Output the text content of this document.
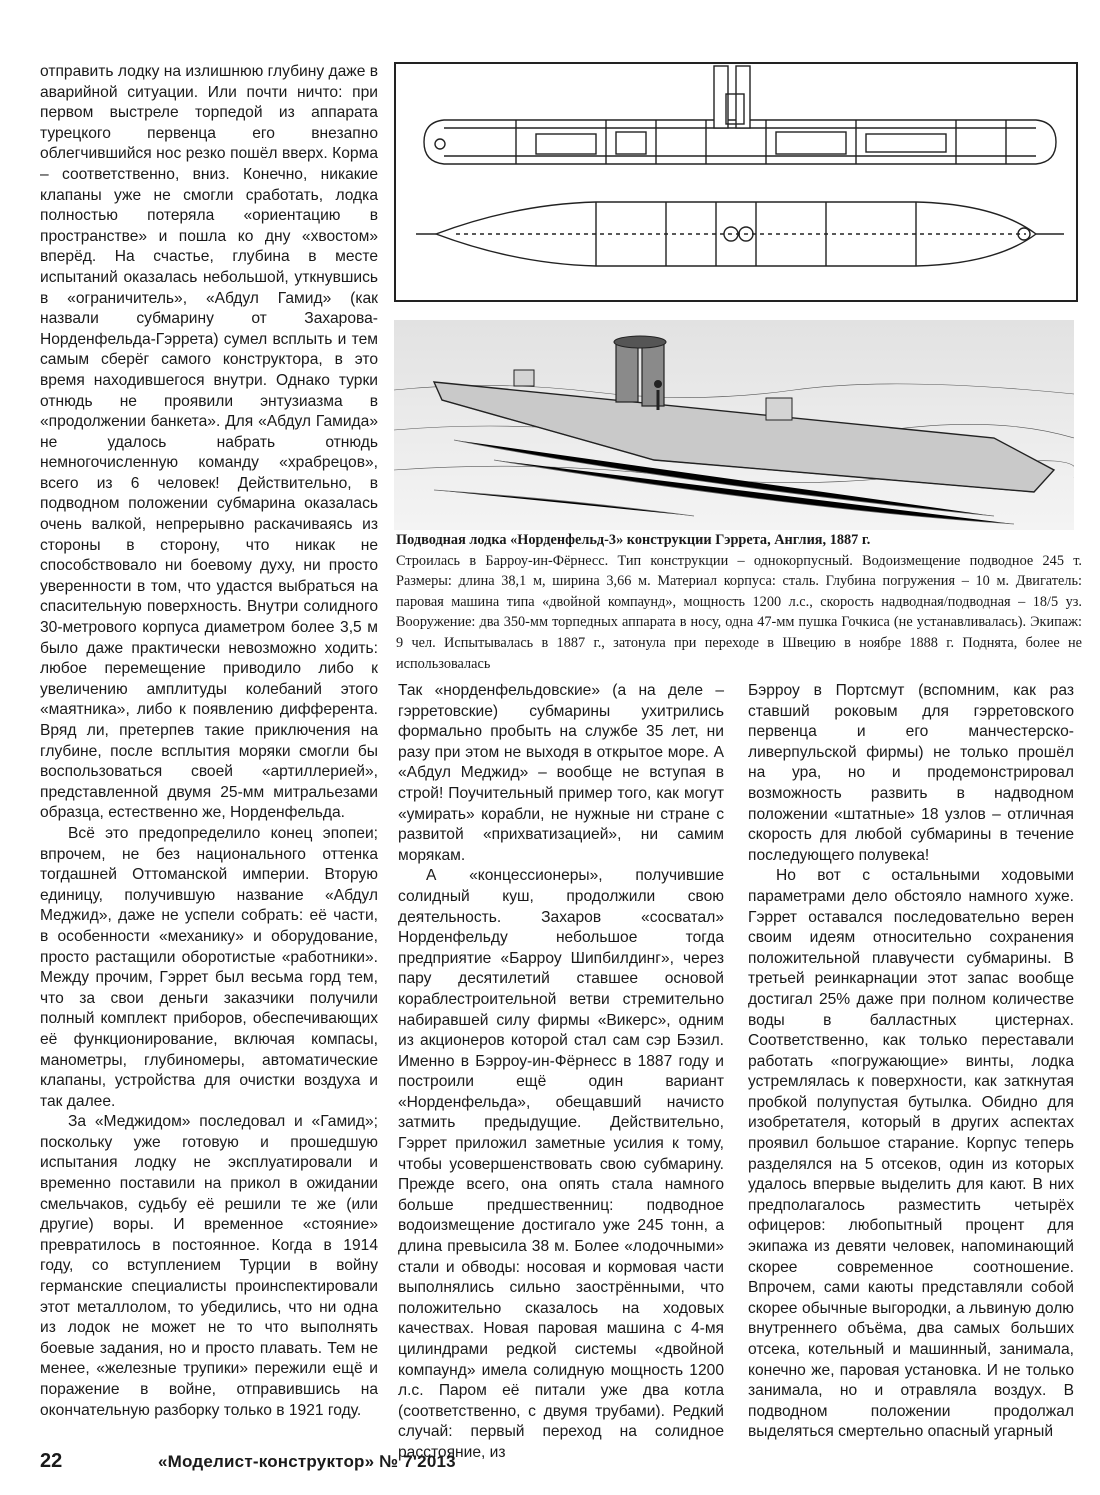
отправить лодку на излишнюю глубину даже в аварийной ситуации. Или почти ничто: при первом выстреле торпедой из аппарата турецкого первенца его внезапно облегчившийся нос резко пошёл вверх. Корма – соответственно, вниз. Конечно, никакие клапаны уже не смогли сработать, лодка полностью потеряла «ориентацию в пространстве» и пошла ко дну «хвостом» вперёд. На счастье, глубина в месте испытаний оказалась небольшой, уткнувшись в «ограничитель», «Абдул Гамид» (как назвали субмарину от Захарова-Норденфельда-Гэррета) сумел всплыть и тем самым сберёг самого конструктора, в это время находившегося внутри. Однако турки отнюдь не проявили энтузиазма в «продолжении банкета». Для «Абдул Гамида» не удалось набрать отнюдь немногочисленную команду «храбрецов», всего из 6 человек! Действительно, в подводном положении субмарина оказалась очень валкой, непрерывно раскачиваясь из стороны в сторону, что никак не способствовало ни боевому духу, ни просто уверенности в том, что удастся выбраться на спасительную поверхность. Внутри солидного 30-метрового корпуса диаметром более 3,5 м было даже практически невозможно ходить: любое перемещение приводило либо к увеличению амплитуды колебаний этого «маятника», либо к появлению дифферента. Вряд ли, претерпев такие приключения на глубине, после всплытия моряки смогли бы воспользоваться своей «артиллерией», представленной двумя 25-мм митральезами образца, естественно же, Норденфельда.

Всё это предопределило конец эпопеи; впрочем, не без национального оттенка тогдашней Оттоманской империи. Вторую единицу, получившую название «Абдул Меджид», даже не успели собрать: её части, в особенности «механику» и оборудование, просто растащили оборотистые «работники». Между прочим, Гэррет был весьма горд тем, что за свои деньги заказчики получили полный комплект приборов, обеспечивающих её функционирование, включая компасы, манометры, глубиномеры, автоматические клапаны, устройства для очистки воздуха и так далее.

За «Меджидом» последовал и «Гамид»; поскольку уже готовую и прошедшую испытания лодку не эксплуатировали и временно поставили на прикол в ожидании смельчаков, судьбу её решили те же (или другие) воры. И временное «стояние» превратилось в постоянное. Когда в 1914 году, со вступлением Турции в войну германские специалисты проинспектировали этот металлолом, то убедились, что ни одна из лодок не может не то что выполнять боевые задания, но и просто плавать. Тем не менее, «железные трупики» пережили ещё и поражение в войне, отправившись на окончательную разборку только в 1921 году.

Подводная лодка «Норденфельд-3» конструкции Гэррета, Англия, 1887 г.
Строилась в Барроу-ин-Фёрнесс. Тип конструкции – однокорпусный. Водоизмещение подводное 245 т. Размеры: длина 38,1 м, ширина 3,66 м. Материал корпуса: сталь. Глубина погружения – 10 м. Двигатель: паровая машина типа «двойной компаунд», мощность 1200 л.с., скорость надводная/подводная – 18/5 уз. Вооружение: два 350-мм торпедных аппарата в носу, одна 47-мм пушка Гочкиса (не устанавливалась). Экипаж: 9 чел. Испытывалась в 1887 г., затонула при переходе в Швецию в ноябре 1888 г. Поднята, более не использовалась

Так «норденфельдовские» (а на деле – гэрретовские) субмарины ухитрились формально пробыть на службе 35 лет, ни разу при этом не выходя в открытое море. А «Абдул Меджид» – вообще не вступая в строй! Поучительный пример того, как могут «умирать» корабли, не нужные ни стране с развитой «прихватизацией», ни самим морякам.

А «концессионеры», получившие солидный куш, продолжили свою деятельность. Захаров «сосватал» Норденфельду небольшое тогда предприятие «Барроу Шипбилдинг», через пару десятилетий ставшее основой кораблестроительной ветви стремительно набиравшей силу фирмы «Викерс», одним из акционеров которой стал сам сэр Бэзил. Именно в Бэрроу-ин-Фёрнесс в 1887 году и построили ещё один вариант «Норденфельда», обещавший начисто затмить предыдущие. Действительно, Гэррет приложил заметные усилия к тому, чтобы усовершенствовать свою субмарину. Прежде всего, она опять стала намного больше предшественниц: подводное водоизмещение достигало уже 245 тонн, а длина превысила 38 м. Более «лодочными» стали и обводы: носовая и кормовая части выполнялись сильно заострёнными, что положительно сказалось на ходовых качествах. Новая паровая машина с 4-мя цилиндрами редкой системы «двойной компаунд» имела солидную мощность 1200 л.с. Паром её питали уже два котла (соответственно, с двумя трубами). Редкий случай: первый переход на солидное расстояние, из

Бэрроу в Портсмут (вспомним, как раз ставший роковым для гэрретовского первенца и его манчестерско-ливерпульской фирмы) не только прошёл на ура, но и продемонстрировал возможность развить в надводном положении «штатные» 18 узлов – отличная скорость для любой субмарины в течение последующего полувека!

Но вот с остальными ходовыми параметрами дело обстояло намного хуже. Гэррет оставался последовательно верен своим идеям относительно сохранения положительной плавучести субмарины. В третьей реинкарнации этот запас вообще достигал 25% даже при полном количестве воды в балластных цистернах. Соответственно, как только переставали работать «погружающие» винты, лодка устремлялась к поверхности, как заткнутая пробкой полупустая бутылка. Обидно для изобретателя, который в других аспектах проявил большое старание. Корпус теперь разделялся на 5 отсеков, один из которых удалось впервые выделить для кают. В них предполагалось разместить четырёх офицеров: любопытный процент для экипажа из девяти человек, напоминающий скорее современное соотношение. Впрочем, сами каюты представляли собой скорее обычные выгородки, а львиную долю внутреннего объёма, два самых больших отсека, котельный и машинный, занимала, конечно же, паровая установка. И не только занимала, но и отравляла воздух. В подводном положении продолжал выделяться смертельно опасный угарный

22	«Моделист-конструктор» № 7'2013
